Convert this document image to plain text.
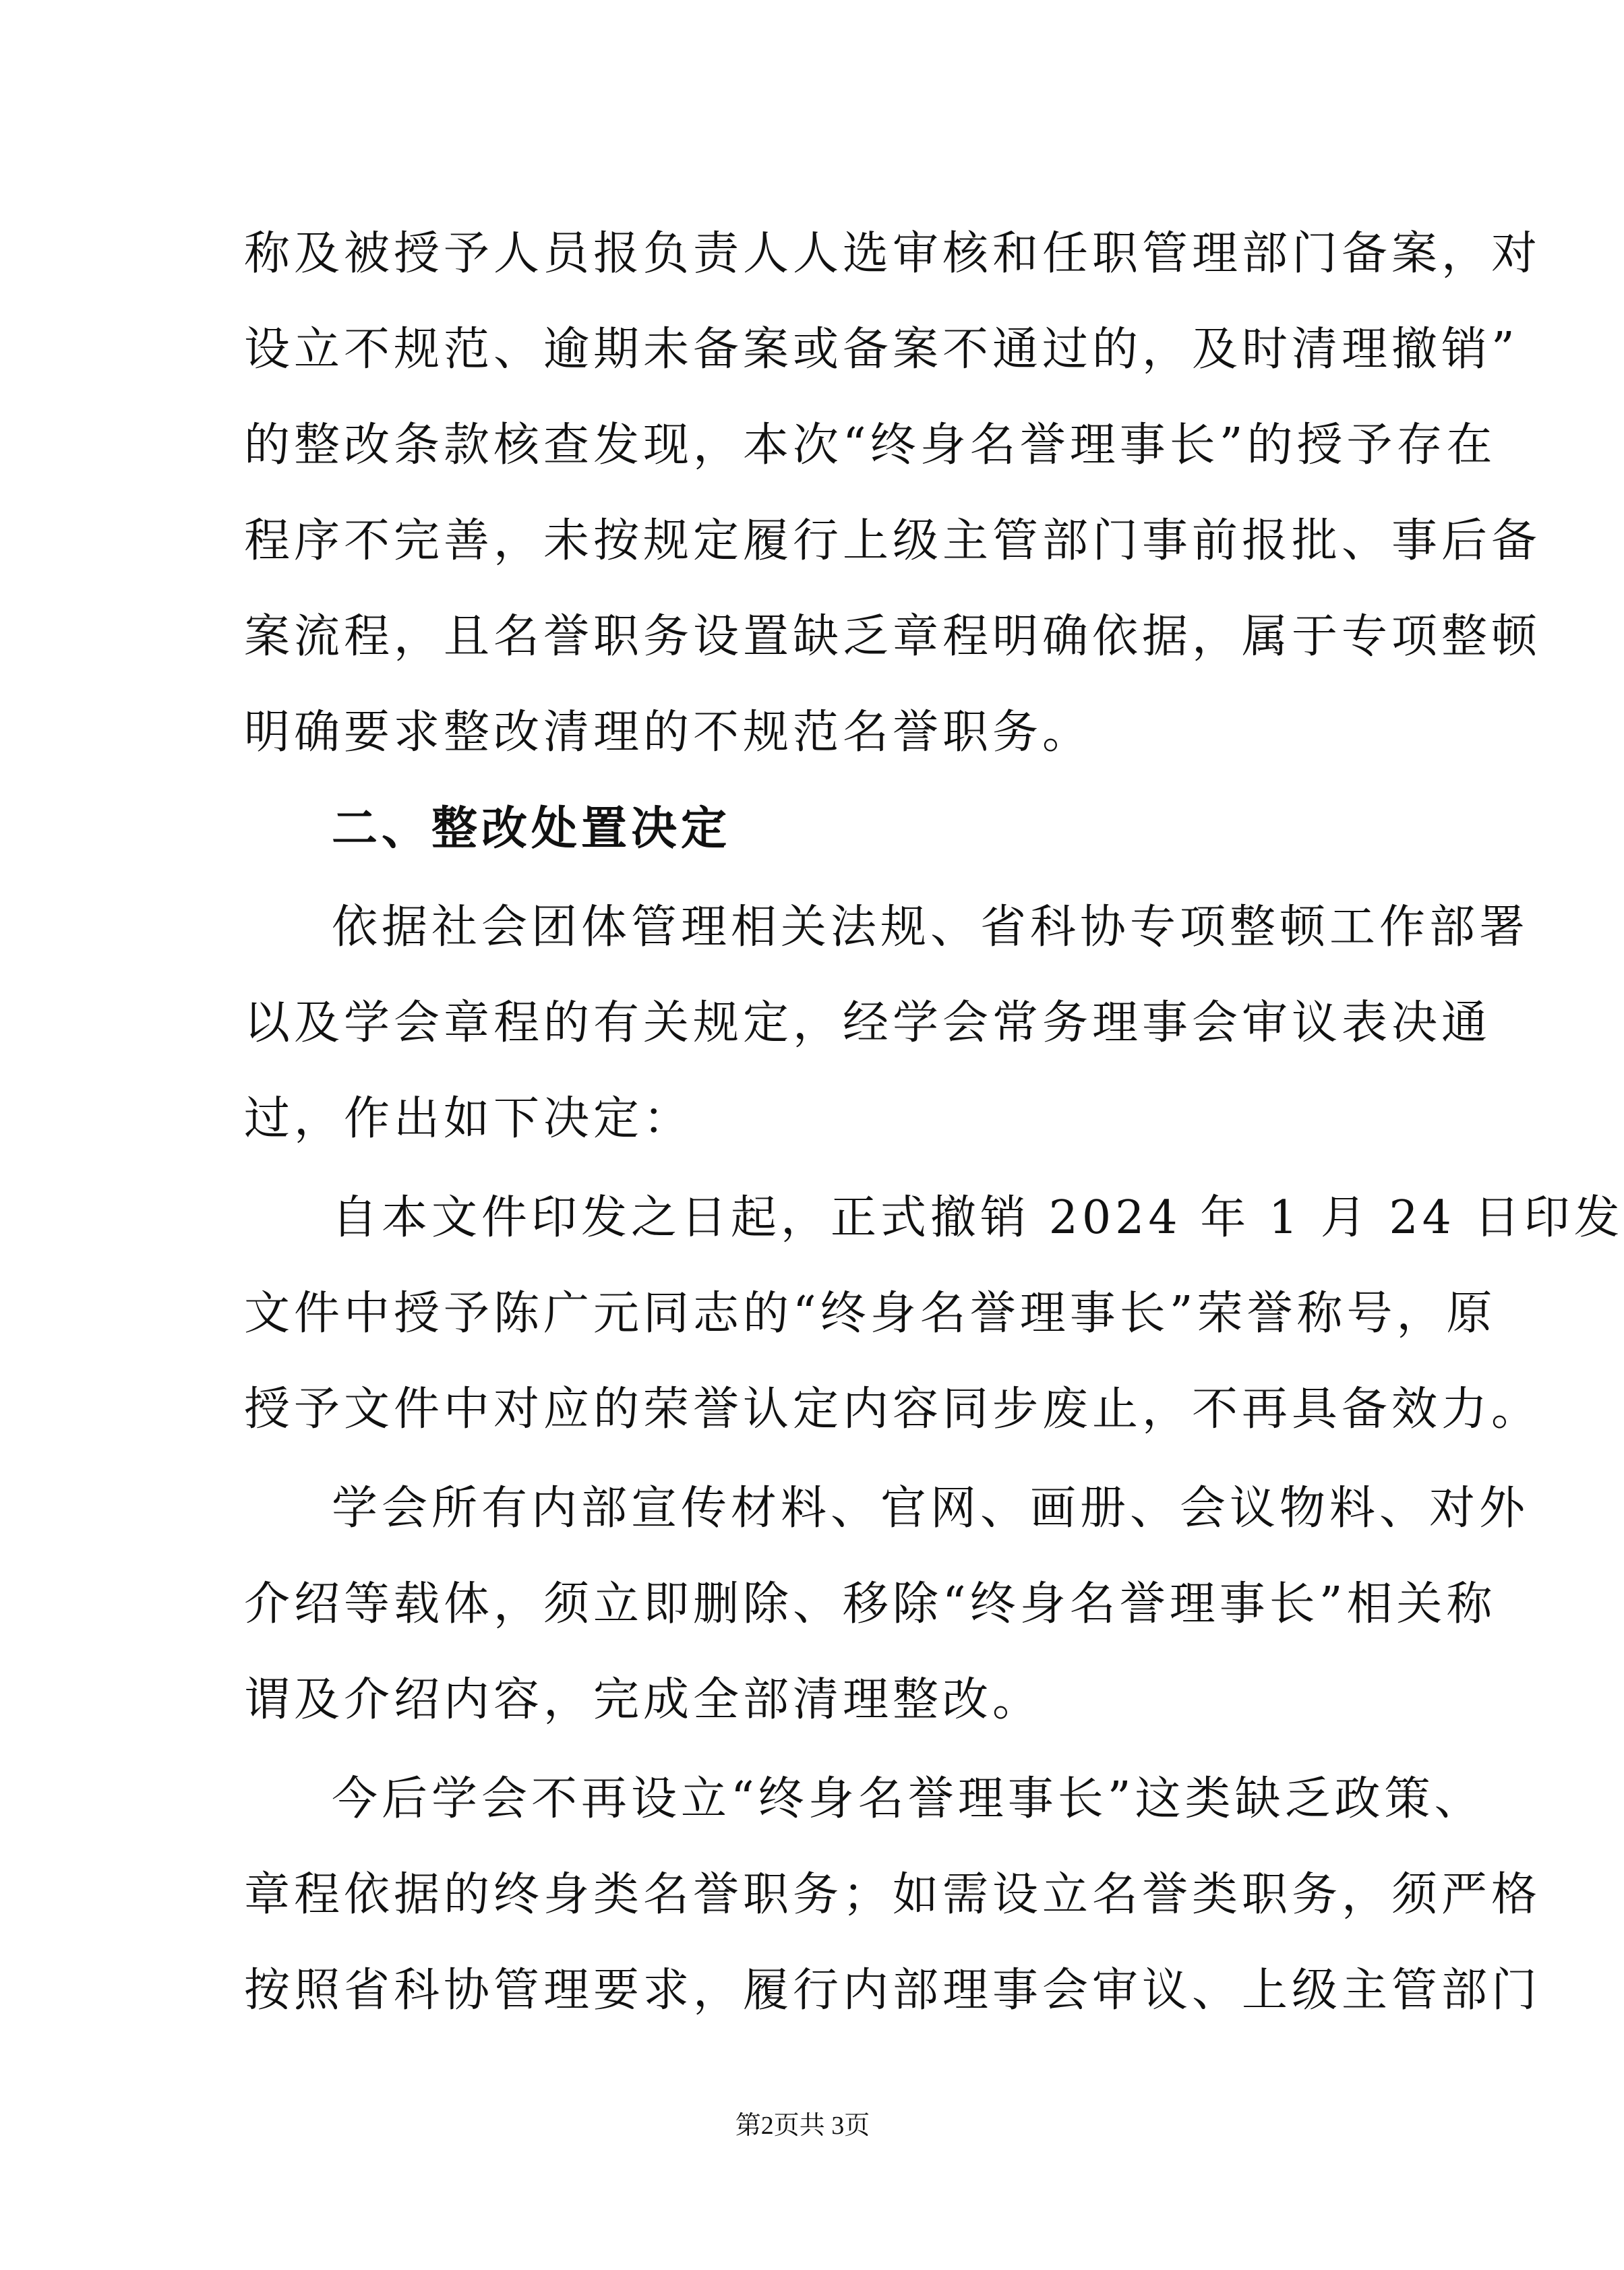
称及被授予人员报负责人人选审核和任职管理部门备案，对
设立不规范、逾期未备案或备案不通过的，及时清理撤销”
的整改条款核查发现，本次“终身名誉理事长”的授予存在
程序不完善，未按规定履行上级主管部门事前报批、事后备
案流程，且名誉职务设置缺乏章程明确依据，属于专项整顿
明确要求整改清理的不规范名誉职务。

二、整改处置决定

依据社会团体管理相关法规、省科协专项整顿工作部署
以及学会章程的有关规定，经学会常务理事会审议表决通
过，作出如下决定：

自本文件印发之日起，正式撤销 2024 年 1 月 24 日印发
文件中授予陈广元同志的“终身名誉理事长”荣誉称号，原
授予文件中对应的荣誉认定内容同步废止，不再具备效力。

学会所有内部宣传材料、官网、画册、会议物料、对外
介绍等载体，须立即删除、移除“终身名誉理事长”相关称
谓及介绍内容，完成全部清理整改。

今后学会不再设立“终身名誉理事长”这类缺乏政策、
章程依据的终身类名誉职务；如需设立名誉类职务，须严格
按照省科协管理要求，履行内部理事会审议、上级主管部门

第2页共 3页
